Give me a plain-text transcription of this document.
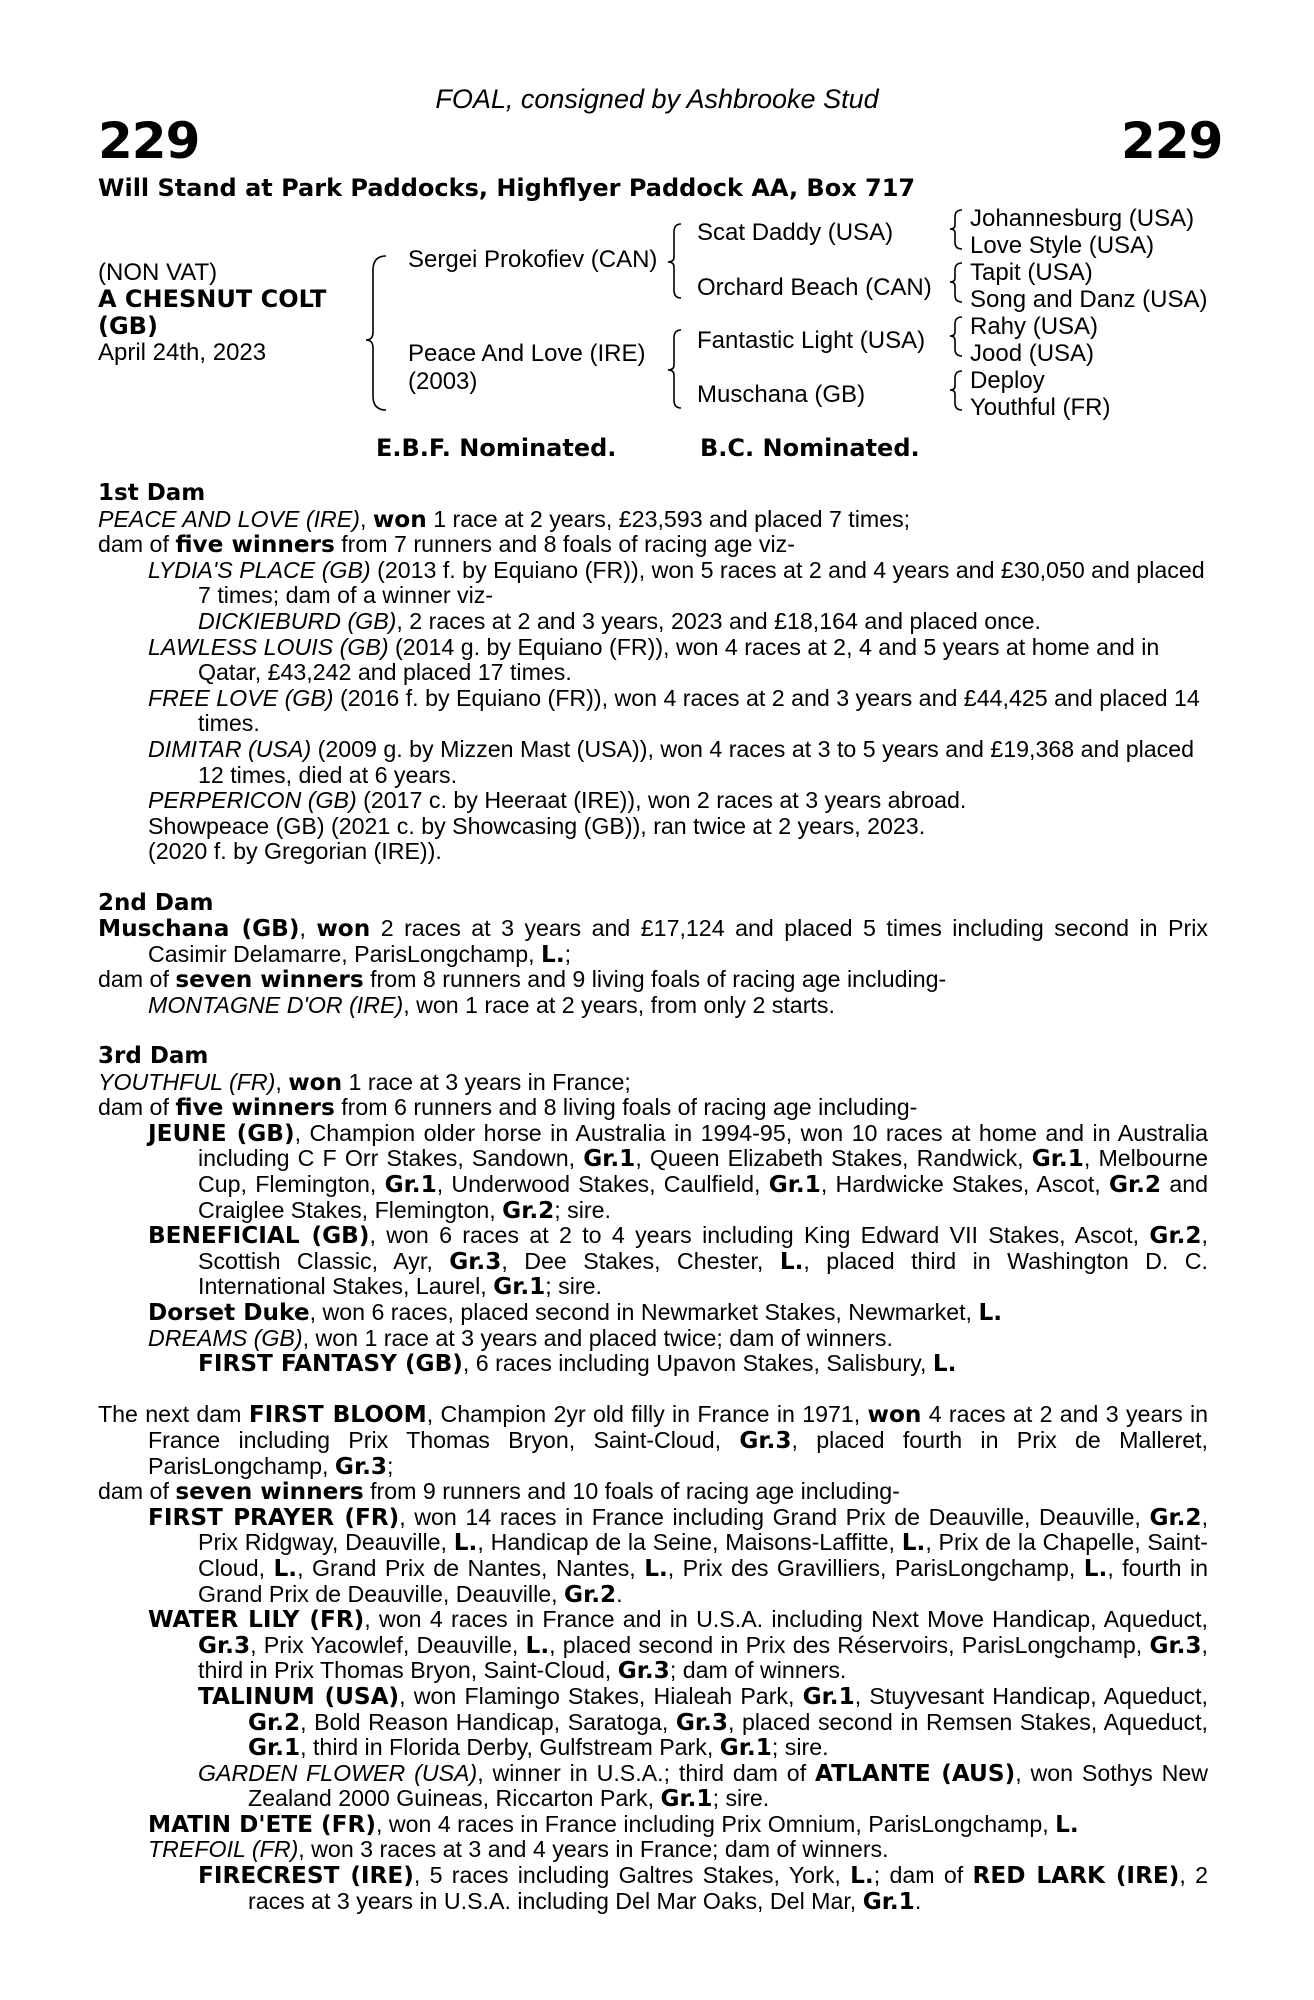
FOAL, consigned by Ashbrooke Stud
229	229
Will Stand at Park Paddocks, Highflyer Paddock AA, Box 717
(NON VAT)
A CHESNUT COLT
(GB)
April 24th, 2023
Sergei Prokofiev (CAN)
Peace And Love (IRE)
(2003)
Scat Daddy (USA)
Orchard Beach (CAN)
Fantastic Light (USA)
Muschana (GB)
Johannesburg (USA)
Love Style (USA)
Tapit (USA)
Song and Danz (USA)
Rahy (USA)
Jood (USA)
Deploy
Youthful (FR)
E.B.F. Nominated.	B.C. Nominated.

1st Dam

PEACE AND LOVE (IRE), won 1 race at 2 years, £23,593 and placed 7 times;

dam of five winners from 7 runners and 8 foals of racing age viz-

LYDIA'S PLACE (GB) (2013 f. by Equiano (FR)), won 5 races at 2 and 4 years and £30,050 and placed 7 times; dam of a winner viz-

DICKIEBURD (GB), 2 races at 2 and 3 years, 2023 and £18,164 and placed once.

LAWLESS LOUIS (GB) (2014 g. by Equiano (FR)), won 4 races at 2, 4 and 5 years at home and in Qatar, £43,242 and placed 17 times.

FREE LOVE (GB) (2016 f. by Equiano (FR)), won 4 races at 2 and 3 years and £44,425 and placed 14 times.

DIMITAR (USA) (2009 g. by Mizzen Mast (USA)), won 4 races at 3 to 5 years and £19,368 and placed 12 times, died at 6 years.

PERPERICON (GB) (2017 c. by Heeraat (IRE)), won 2 races at 3 years abroad.

Showpeace (GB) (2021 c. by Showcasing (GB)), ran twice at 2 years, 2023.

(2020 f. by Gregorian (IRE)).

2nd Dam

Muschana (GB), won 2 races at 3 years and £17,124 and placed 5 times including second in Prix Casimir Delamarre, ParisLongchamp, L.;

dam of seven winners from 8 runners and 9 living foals of racing age including-

MONTAGNE D'OR (IRE), won 1 race at 2 years, from only 2 starts.

3rd Dam

YOUTHFUL (FR), won 1 race at 3 years in France;

dam of five winners from 6 runners and 8 living foals of racing age including-

JEUNE (GB), Champion older horse in Australia in 1994-95, won 10 races at home and in Australia including C F Orr Stakes, Sandown, Gr.1, Queen Elizabeth Stakes, Randwick, Gr.1, Melbourne Cup, Flemington, Gr.1, Underwood Stakes, Caulfield, Gr.1, Hardwicke Stakes, Ascot, Gr.2 and Craiglee Stakes, Flemington, Gr.2; sire.

BENEFICIAL (GB), won 6 races at 2 to 4 years including King Edward VII Stakes, Ascot, Gr.2, Scottish Classic, Ayr, Gr.3, Dee Stakes, Chester, L., placed third in Washington D. C. International Stakes, Laurel, Gr.1; sire.

Dorset Duke, won 6 races, placed second in Newmarket Stakes, Newmarket, L.

DREAMS (GB), won 1 race at 3 years and placed twice; dam of winners.

FIRST FANTASY (GB), 6 races including Upavon Stakes, Salisbury, L.

The next dam FIRST BLOOM, Champion 2yr old filly in France in 1971, won 4 races at 2 and 3 years in France including Prix Thomas Bryon, Saint-Cloud, Gr.3, placed fourth in Prix de Malleret, ParisLongchamp, Gr.3;

dam of seven winners from 9 runners and 10 foals of racing age including-

FIRST PRAYER (FR), won 14 races in France including Grand Prix de Deauville, Deauville, Gr.2, Prix Ridgway, Deauville, L., Handicap de la Seine, Maisons-Laffitte, L., Prix de la Chapelle, Saint-Cloud, L., Grand Prix de Nantes, Nantes, L., Prix des Gravilliers, ParisLongchamp, L., fourth in Grand Prix de Deauville, Deauville, Gr.2.

WATER LILY (FR), won 4 races in France and in U.S.A. including Next Move Handicap, Aqueduct, Gr.3, Prix Yacowlef, Deauville, L., placed second in Prix des Réservoirs, ParisLongchamp, Gr.3, third in Prix Thomas Bryon, Saint-Cloud, Gr.3; dam of winners.

TALINUM (USA), won Flamingo Stakes, Hialeah Park, Gr.1, Stuyvesant Handicap, Aqueduct, Gr.2, Bold Reason Handicap, Saratoga, Gr.3, placed second in Remsen Stakes, Aqueduct, Gr.1, third in Florida Derby, Gulfstream Park, Gr.1; sire.

GARDEN FLOWER (USA), winner in U.S.A.; third dam of ATLANTE (AUS), won Sothys New Zealand 2000 Guineas, Riccarton Park, Gr.1; sire.

MATIN D'ETE (FR), won 4 races in France including Prix Omnium, ParisLongchamp, L.

TREFOIL (FR), won 3 races at 3 and 4 years in France; dam of winners.

FIRECREST (IRE), 5 races including Galtres Stakes, York, L.; dam of RED LARK (IRE), 2 races at 3 years in U.S.A. including Del Mar Oaks, Del Mar, Gr.1.
